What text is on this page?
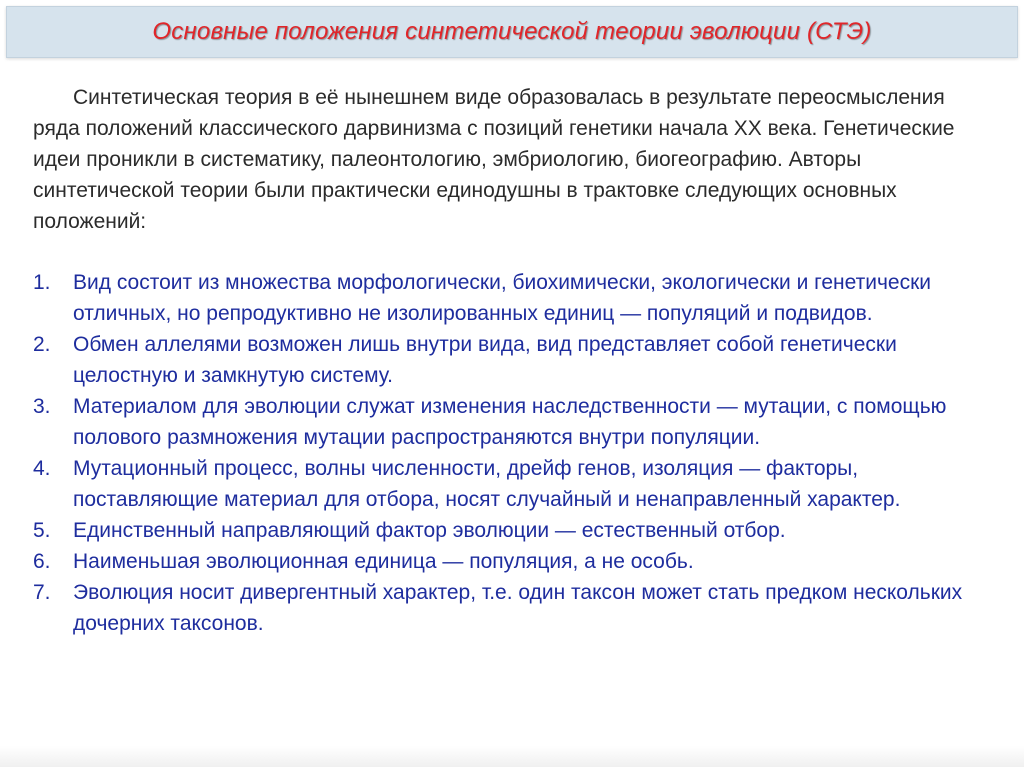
Основные положения синтетической теории эволюции (СТЭ)

Синтетическая теория в её нынешнем виде образовалась в результате переосмысления ряда положений классического дарвинизма с позиций генетики начала XX века. Генетические идеи проникли в систематику, палеонтологию, эмбриологию, биогеографию. Авторы синтетической теории были практически единодушны в трактовке следующих основных положений:

1.	Вид состоит из множества морфологически, биохимически, экологически и генетически отличных, но репродуктивно не изолированных единиц — популяций и подвидов.
2.	Обмен аллелями возможен лишь внутри вида, вид представляет собой генетически целостную и замкнутую систему.
3.	Материалом для эволюции служат изменения наследственности — мутации, с помощью полового размножения мутации распространяются внутри популяции.
4.	Мутационный процесс, волны численности, дрейф генов, изоляция — факторы, поставляющие материал для отбора, носят случайный и ненаправленный характер.
5.	Единственный направляющий фактор эволюции — естественный отбор.
6.	Наименьшая эволюционная единица — популяция, а не особь.
7.	Эволюция носит дивергентный характер, т.е. один таксон может стать предком нескольких дочерних таксонов.
